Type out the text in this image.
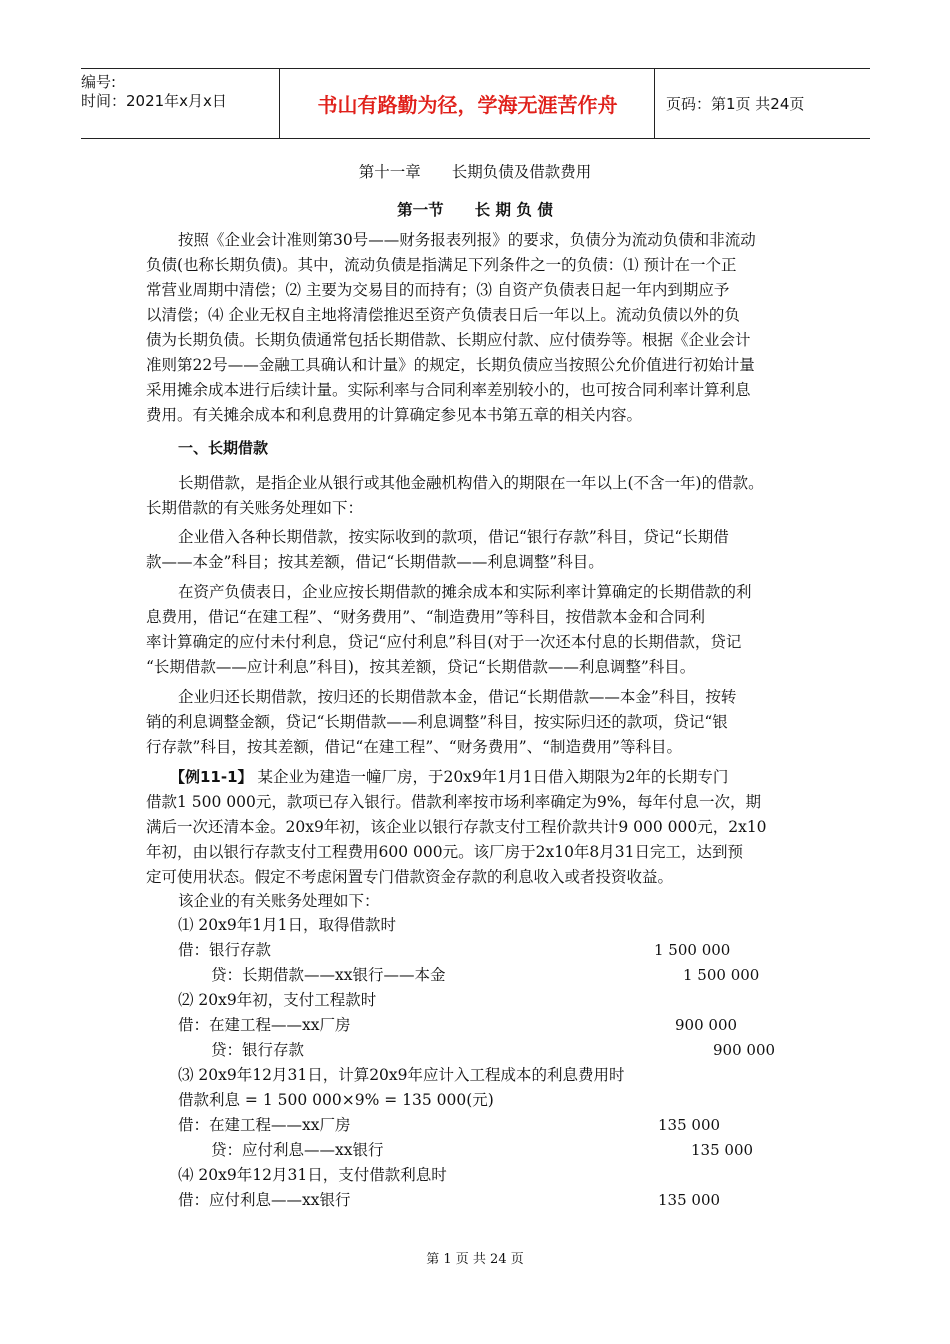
编号:
时间：2021年x月x日	书山有路勤为径，学海无涯苦作舟	页码：第1页 共24页
第十一章　　长期负债及借款费用
第一节　　长 期 负 债
按照《企业会计准则第30号——财务报表列报》的要求，负债分为流动负债和非流动
负债(也称长期负债)。其中，流动负债是指满足下列条件之一的负债：⑴ 预计在一个正
常营业周期中清偿；⑵ 主要为交易目的而持有；⑶ 自资产负债表日起一年内到期应予
以清偿；⑷ 企业无权自主地将清偿推迟至资产负债表日后一年以上。流动负债以外的负
债为长期负债。长期负债通常包括长期借款、长期应付款、应付债券等。根据《企业会计
准则第22号——金融工具确认和计量》的规定，长期负债应当按照公允价值进行初始计量
采用摊余成本进行后续计量。实际利率与合同利率差别较小的，也可按合同利率计算利息
费用。有关摊余成本和利息费用的计算确定参见本书第五章的相关内容。
一、长期借款
长期借款，是指企业从银行或其他金融机构借入的期限在一年以上(不含一年)的借款。
长期借款的有关账务处理如下：
企业借入各种长期借款，按实际收到的款项，借记“银行存款”科目，贷记“长期借
款——本金”科目；按其差额，借记“长期借款——利息调整”科目。
在资产负债表日，企业应按长期借款的摊余成本和实际利率计算确定的长期借款的利
息费用，借记“在建工程”、“财务费用”、“制造费用”等科目，按借款本金和合同利
率计算确定的应付未付利息，贷记“应付利息”科目(对于一次还本付息的长期借款，贷记
“长期借款——应计利息”科目)，按其差额，贷记“长期借款——利息调整”科目。
企业归还长期借款，按归还的长期借款本金，借记“长期借款——本金”科目，按转
销的利息调整金额，贷记“长期借款——利息调整”科目，按实际归还的款项，贷记“银
行存款”科目，按其差额，借记“在建工程”、“财务费用”、“制造费用”等科目。
【例11-1】 某企业为建造一幢厂房，于20x9年1月1日借入期限为2年的长期专门
借款1 500 000元，款项已存入银行。借款利率按市场利率确定为9%，每年付息一次，期
满后一次还清本金。20x9年初，该企业以银行存款支付工程价款共计9 000 000元，2x10
年初，由以银行存款支付工程费用600 000元。该厂房于2x10年8月31日完工，达到预
定可使用状态。假定不考虑闲置专门借款资金存款的利息收入或者投资收益。
该企业的有关账务处理如下：
⑴ 20x9年1月1日，取得借款时
借：银行存款	1 500 000
贷：长期借款——xx银行——本金	1 500 000
⑵ 20x9年初，支付工程款时
借：在建工程——xx厂房	900 000
贷：银行存款	900 000
⑶ 20x9年12月31日，计算20x9年应计入工程成本的利息费用时
借款利息 = 1 500 000×9% = 135 000(元)
借：在建工程——xx厂房	135 000
贷：应付利息——xx银行	135 000
⑷ 20x9年12月31日，支付借款利息时
借：应付利息——xx银行	135 000
第 1 页 共 24 页
